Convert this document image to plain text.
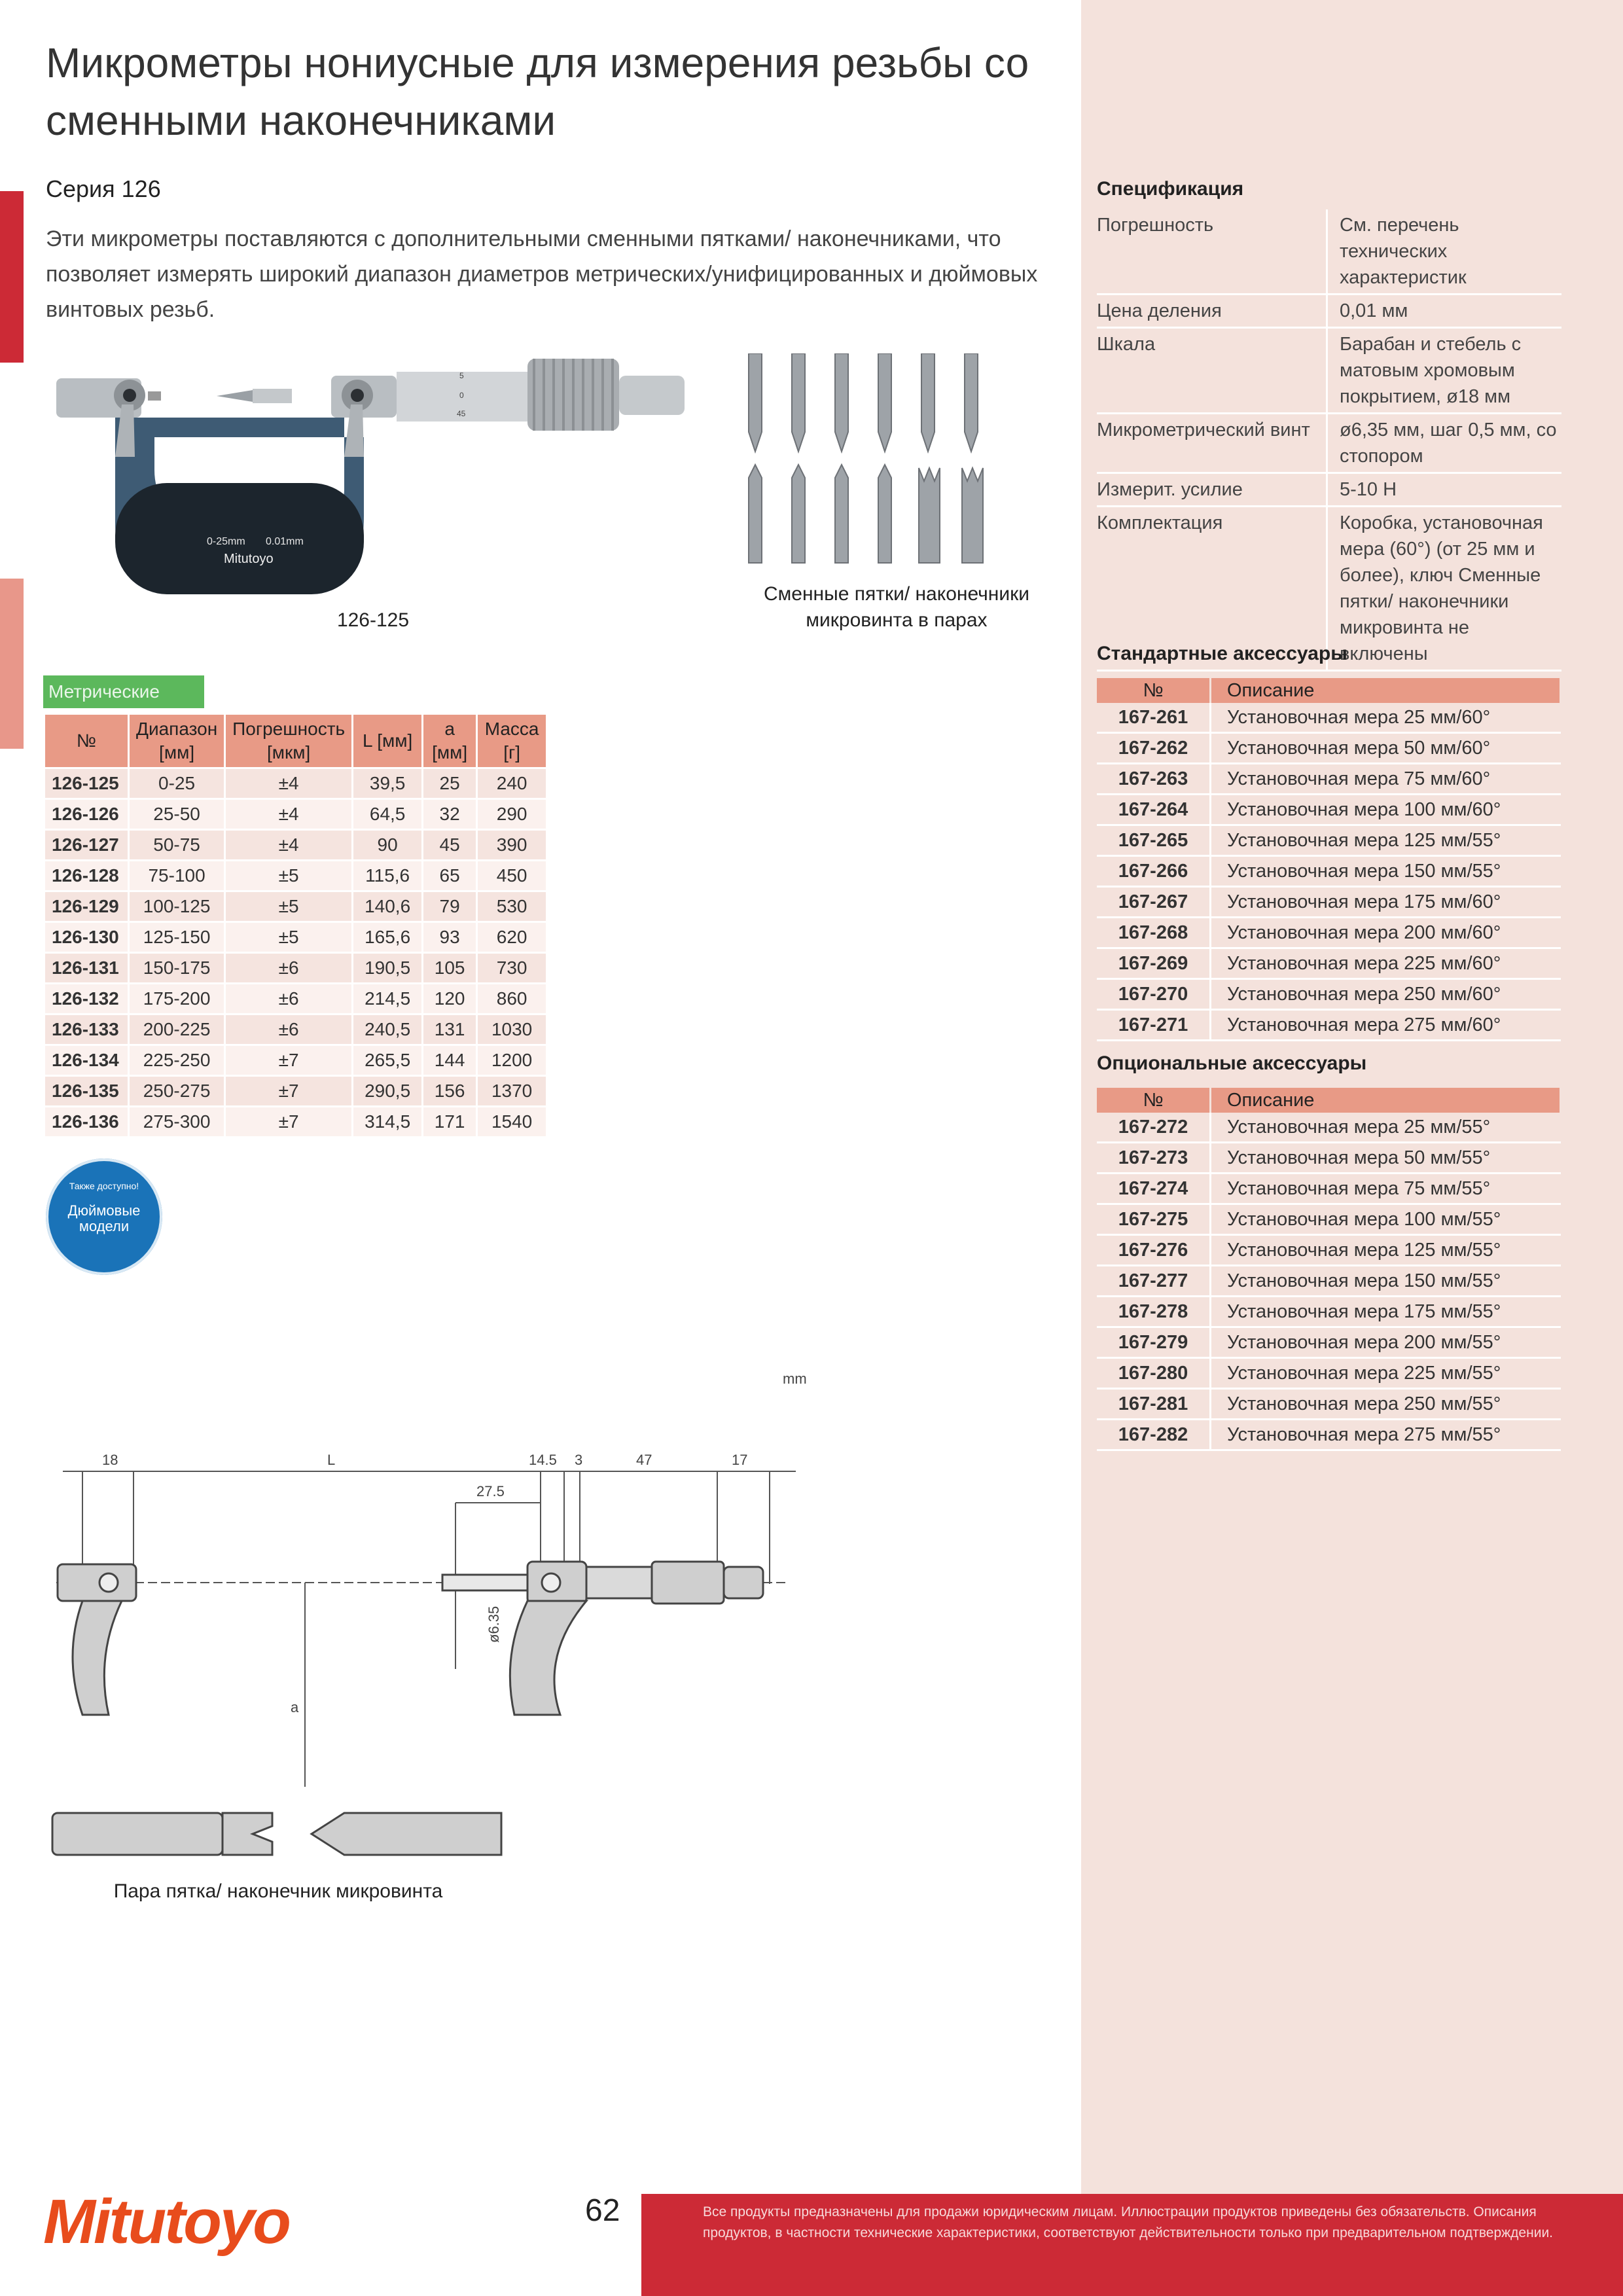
Микрометры нониусные для измерения резьбы со сменными наконечниками
Серия 126
Эти микрометры поставляются с дополнительными сменными пятками/ наконечниками, что позволяет измерять широкий диапазон диаметров метрических/унифицированных и дюймовых винтовых резьб.
0-25mm 0.01mm
Mitutoyo
5
0
45
126-125
Сменные пятки/ наконечники микровинта в парах
Метрические
№	Диапазон [мм]	Погрешность [мкм]	L [мм]	a [мм]	Масса [г]
126-125	0-25	±4	39,5	25	240
126-126	25-50	±4	64,5	32	290
126-127	50-75	±4	90	45	390
126-128	75-100	±5	115,6	65	450
126-129	100-125	±5	140,6	79	530
126-130	125-150	±5	165,6	93	620
126-131	150-175	±6	190,5	105	730
126-132	175-200	±6	214,5	120	860
126-133	200-225	±6	240,5	131	1030
126-134	225-250	±7	265,5	144	1200
126-135	250-275	±7	290,5	156	1370
126-136	275-300	±7	314,5	171	1540
Также доступно!
Дюймовые модели
mm
18	L	14.5 3	47	17
27.5
ø6.35
a
Пара пятка/ наконечник микровинта
Спецификация
Погрешность	См. перечень технических характеристик
Цена деления	0,01 мм
Шкала	Барабан и стебель с матовым хромовым покрытием, ø18 мм
Микрометрический винт	ø6,35 мм, шаг 0,5 мм, со стопором
Измерит. усилие	5-10 Н
Комплектация	Коробка, установочная мера (60°) (от 25 мм и более), ключ Сменные пятки/ наконечники микровинта не включены
Стандартные аксессуары
№	Описание
167-261	Установочная мера 25 мм/60°
167-262	Установочная мера 50 мм/60°
167-263	Установочная мера 75 мм/60°
167-264	Установочная мера 100 мм/60°
167-265	Установочная мера 125 мм/55°
167-266	Установочная мера 150 мм/55°
167-267	Установочная мера 175 мм/60°
167-268	Установочная мера 200 мм/60°
167-269	Установочная мера 225 мм/60°
167-270	Установочная мера 250 мм/60°
167-271	Установочная мера 275 мм/60°
Опциональные аксессуары
№	Описание
167-272	Установочная мера 25 мм/55°
167-273	Установочная мера 50 мм/55°
167-274	Установочная мера 75 мм/55°
167-275	Установочная мера 100 мм/55°
167-276	Установочная мера 125 мм/55°
167-277	Установочная мера 150 мм/55°
167-278	Установочная мера 175 мм/55°
167-279	Установочная мера 200 мм/55°
167-280	Установочная мера 225 мм/55°
167-281	Установочная мера 250 мм/55°
167-282	Установочная мера 275 мм/55°
Mitutoyo	62	Все продукты предназначены для продажи юридическим лицам. Иллюстрации продуктов приведены без обязательств. Описания продуктов, в частности технические характеристики, соответствуют действительности только при предварительном подтверждении.
